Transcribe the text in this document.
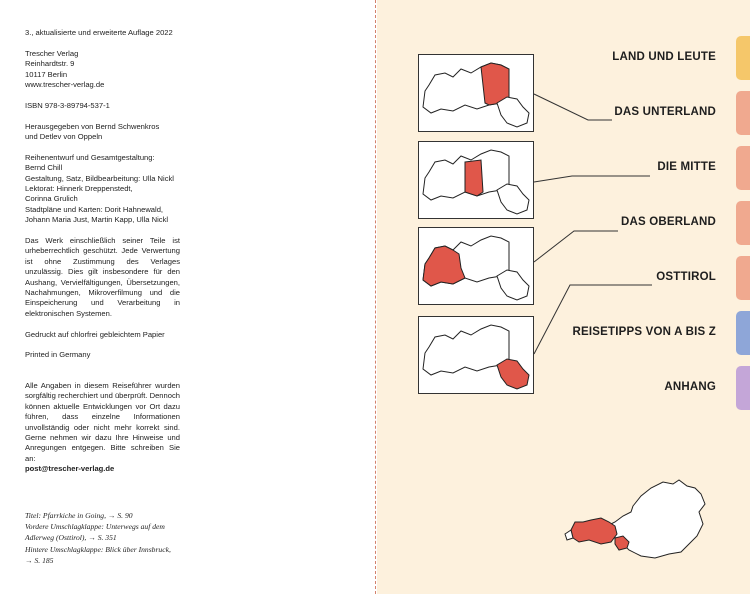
3., aktualisierte und erweiterte Auflage 2022

Trescher Verlag
Reinhardtstr. 9
10117 Berlin
www.trescher-verlag.de

ISBN 978-3-89794-537-1

Herausgegeben von Bernd Schwenkros
und Detlev von Oppeln

Reihenentwurf und Gesamtgestaltung:
Bernd Chill
Gestaltung, Satz, Bildbearbeitung: Ulla Nickl
Lektorat: Hinnerk Dreppenstedt,
Corinna Grulich
Stadtpläne und Karten: Dorit Hahnewald,
Johann Maria Just, Martin Kapp, Ulla Nickl

Das Werk einschließlich seiner Teile ist urheberrechtlich geschützt. Jede Verwertung ist ohne Zustimmung des Verlages unzulässig. Dies gilt insbesondere für den Aushang, Vervielfältigungen, Übersetzungen, Nachahmungen, Mikroverfilmung und die Einspeicherung und Verarbeitung in elektronischen Systemen.

Gedruckt auf chlorfrei gebleichtem Papier

Printed in Germany

Alle Angaben in diesem Reiseführer wurden sorgfältig recherchiert und überprüft. Dennoch können aktuelle Entwicklungen vor Ort dazu führen, dass einzelne Informationen unvollständig oder nicht mehr korrekt sind. Gerne nehmen wir dazu Ihre Hinweise und Anregungen entgegen. Bitte schreiben Sie an:
post@trescher-verlag.de

Titel: Pfarrkiche in Going, → S. 90
Vordere Umschlagklappe: Unterwegs auf dem
Adlerweg (Osttirol), → S. 351
Hintere Umschlagklappe: Blick über Innsbruck,
→ S. 185
LAND UND LEUTE
DAS UNTERLAND
DIE MITTE
DAS OBERLAND
OSTTIROL
REISETIPPS VON A BIS Z
ANHANG
